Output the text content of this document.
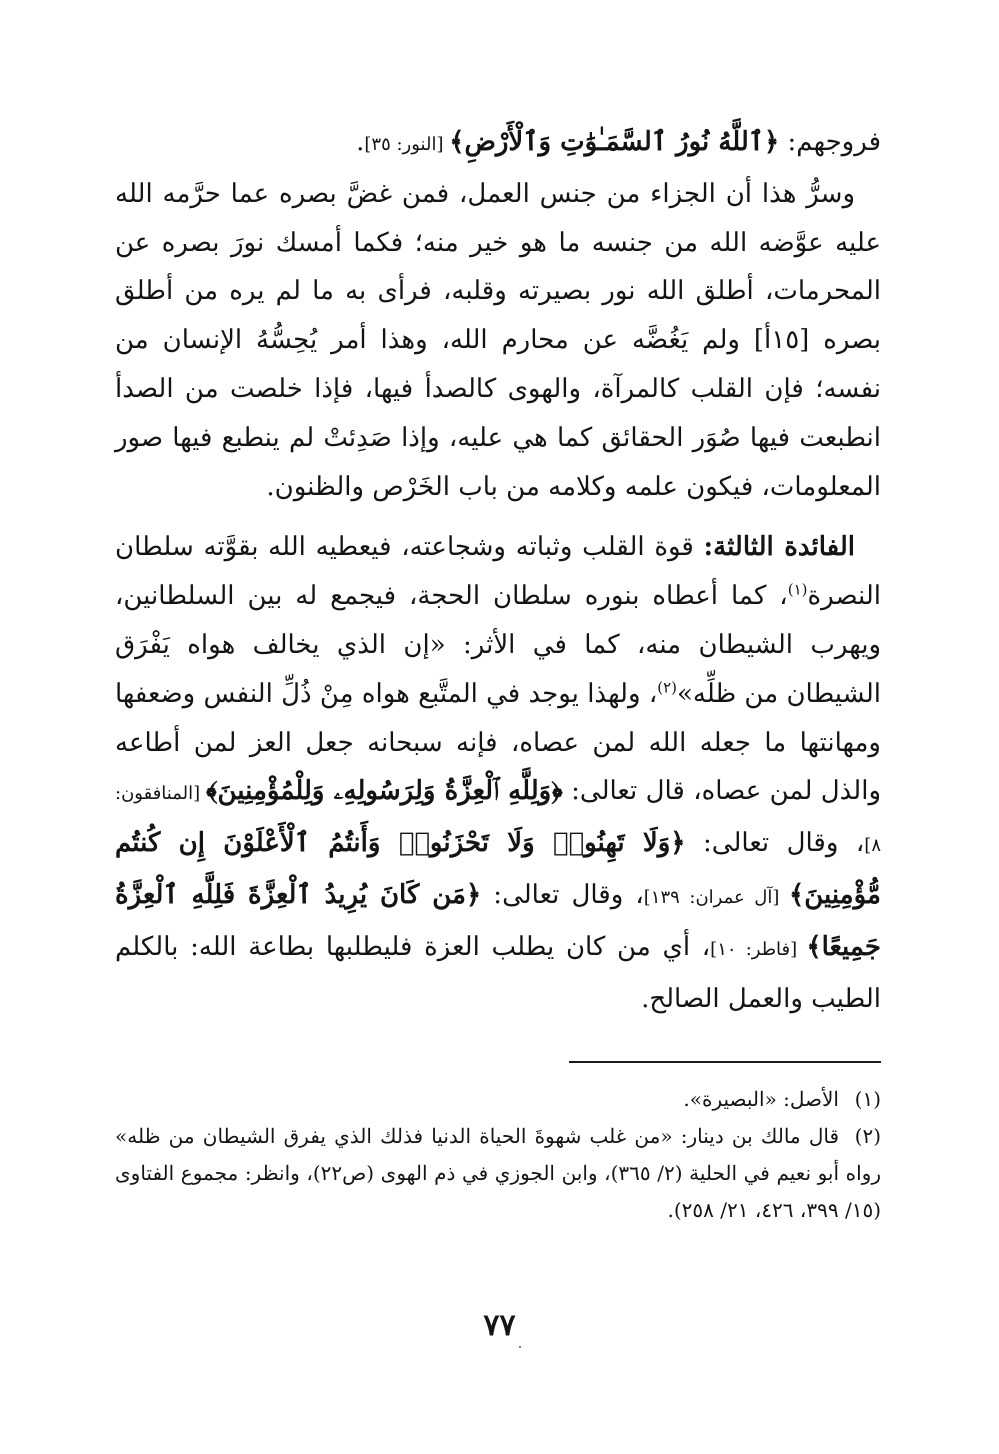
فروجهم: ﴿ٱللَّهُ نُورُ ٱلسَّمَـٰوَٰتِ وَٱلْأَرْضِ﴾ [النور: ٣٥].

وسرُّ هذا أن الجزاء من جنس العمل، فمن غضَّ بصره عما حرَّمه الله عليه عوَّضه الله من جنسه ما هو خير منه؛ فكما أمسك نورَ بصره عن المحرمات، أطلق الله نور بصيرته وقلبه، فرأى به ما لم يره من أطلق بصره [١٥أ] ولم يَغُضَّه عن محارم الله، وهذا أمر يُحِسُّهُ الإنسان من نفسه؛ فإن القلب كالمرآة، والهوى كالصدأ فيها، فإذا خلصت من الصدأ انطبعت فيها صُوَر الحقائق كما هي عليه، وإذا صَدِئتْ لم ينطبع فيها صور المعلومات، فيكون علمه وكلامه من باب الخَرْص والظنون.

الفائدة الثالثة: قوة القلب وثباته وشجاعته، فيعطيه الله بقوَّته سلطان النصرة$^{(١)}$، كما أعطاه بنوره سلطان الحجة، فيجمع له بين السلطانين، ويهرب الشيطان منه، كما في الأثر: «إن الذي يخالف هواه يَفْرَق الشيطان من ظلِّه»$^{(٢)}$، ولهذا يوجد في المتَّبع هواه مِنْ ذُلِّ النفس وضعفها ومهانتها ما جعله الله لمن عصاه، فإنه سبحانه جعل العز لمن أطاعه والذل لمن عصاه، قال تعالى: ﴿وَلِلَّهِ ٱلْعِزَّةُ وَلِرَسُولِهِۦ وَلِلْمُؤْمِنِينَ﴾ [المنافقون: ٨]، وقال تعالى: ﴿وَلَا تَهِنُوا۟ وَلَا تَحْزَنُوا۟ وَأَنتُمُ ٱلْأَعْلَوْنَ إِن كُنتُم مُّؤْمِنِينَ﴾ [آل عمران: ١٣٩]، وقال تعالى: ﴿مَن كَانَ يُرِيدُ ٱلْعِزَّةَ فَلِلَّهِ ٱلْعِزَّةُ جَمِيعًا﴾ [فاطر: ١٠]، أي من كان يطلب العزة فليطلبها بطاعة الله: بالكلم الطيب والعمل الصالح.

(١)الأصل: «البصيرة».

(٢)قال مالك بن دينار: «من غلب شهوةَ الحياة الدنيا فذلك الذي يفرق الشيطان من ظله» رواه أبو نعيم في الحلية (٢/ ٣٦٥)، وابن الجوزي في ذم الهوى (ص٢٢)، وانظر: مجموع الفتاوى (١٥/ ٣٩٩، ٤٢٦، ٢١/ ٢٥٨).

٧٧
